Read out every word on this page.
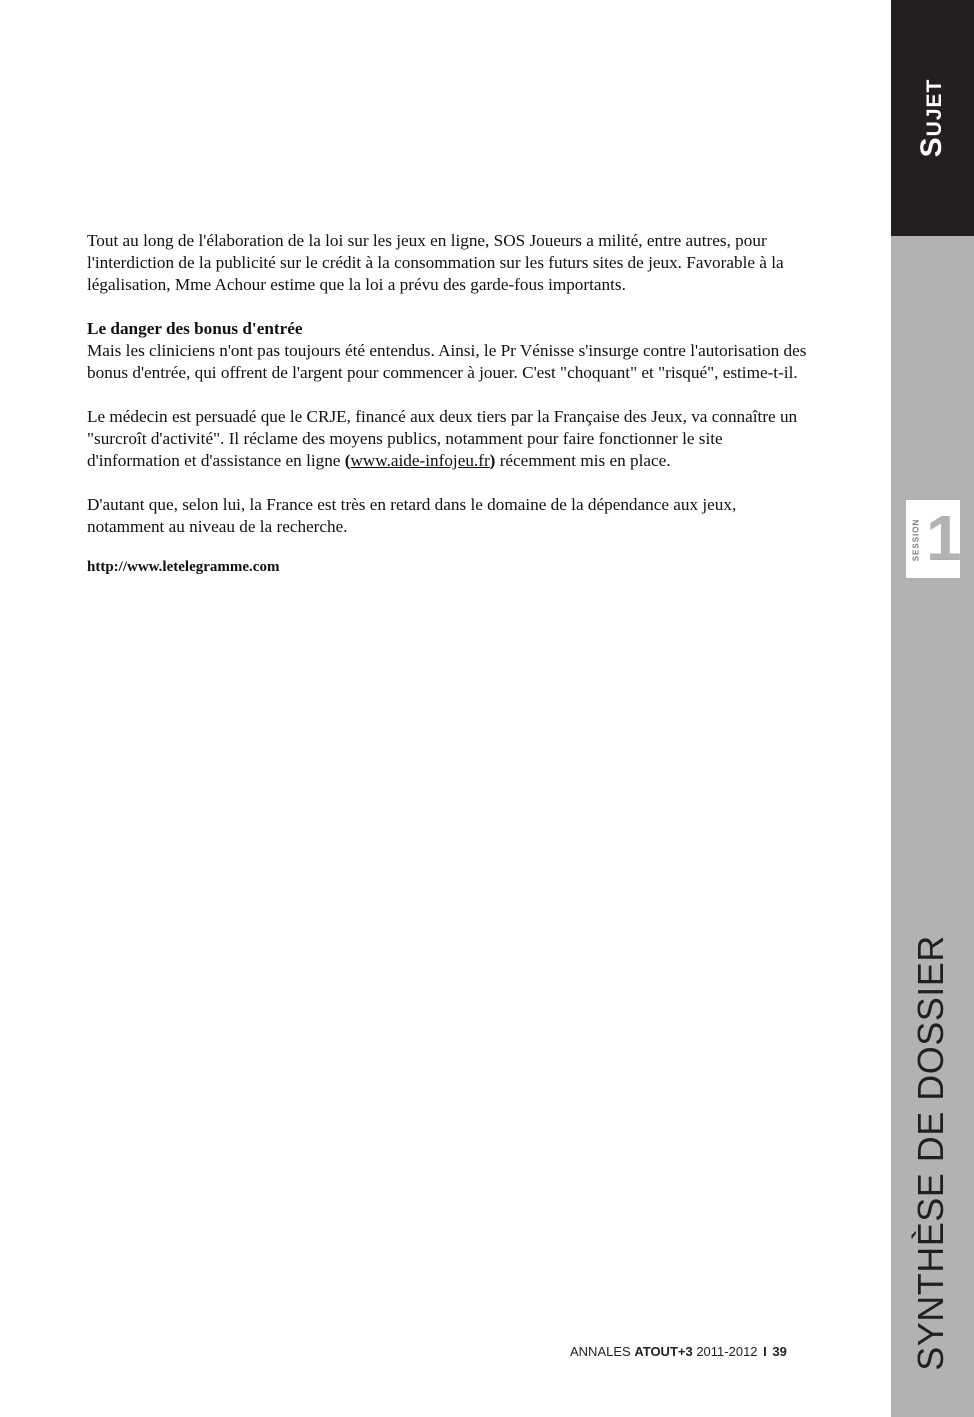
Tout au long de l'élaboration de la loi sur les jeux en ligne, SOS Joueurs a milité, entre autres, pour l'interdiction de la publicité sur le crédit à la consommation sur les futurs sites de jeux. Favorable à la légalisation, Mme Achour estime que la loi a prévu des garde-fous importants.

Le danger des bonus d'entrée
Mais les cliniciens n'ont pas toujours été entendus. Ainsi, le Pr Vénisse s'insurge contre l'autorisation des bonus d'entrée, qui offrent de l'argent pour commencer à jouer. C'est "choquant" et "risqué", estime-t-il.

Le médecin est persuadé que le CRJE, financé aux deux tiers par la Française des Jeux, va connaître un "surcroît d'activité". Il réclame des moyens publics, notamment pour faire fonctionner le site d'information et d'assistance en ligne (www.aide-infojeu.fr) récemment mis en place.

D'autant que, selon lui, la France est très en retard dans le domaine de la dépendance aux jeux, notamment au niveau de la recherche.

http://www.letelegramme.com

ANNALES ATOUT+3 2011-2012 I 39
Sujet
SESSION 1
SYNTHÈSE DE DOSSIER
